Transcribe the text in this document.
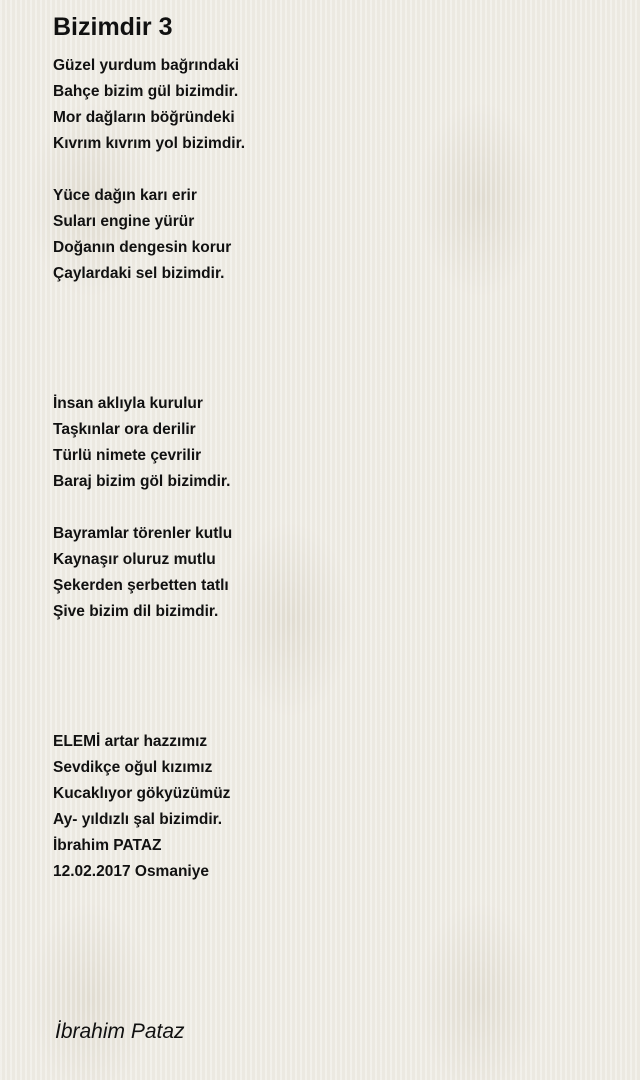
Bizimdir 3
Güzel yurdum bağrındaki
Bahçe bizim gül bizimdir.
Mor dağların böğründeki
Kıvrım kıvrım yol bizimdir.
Yüce dağın karı erir
Suları engine yürür
Doğanın dengesin korur
Çaylardaki sel bizimdir.
İnsan aklıyla kurulur
Taşkınlar ora derilir
Türlü nimete çevrilir
Baraj bizim göl bizimdir.
Bayramlar törenler kutlu
Kaynaşır oluruz mutlu
Şekerden şerbetten tatlı
Şive bizim dil bizimdir.
ELEMİ artar hazzımız
Sevdikçe oğul kızımız
Kucaklıyor gökyüzümüz
Ay- yıldızlı şal bizimdir.
İbrahim PATAZ
12.02.2017 Osmaniye
İbrahim Pataz
